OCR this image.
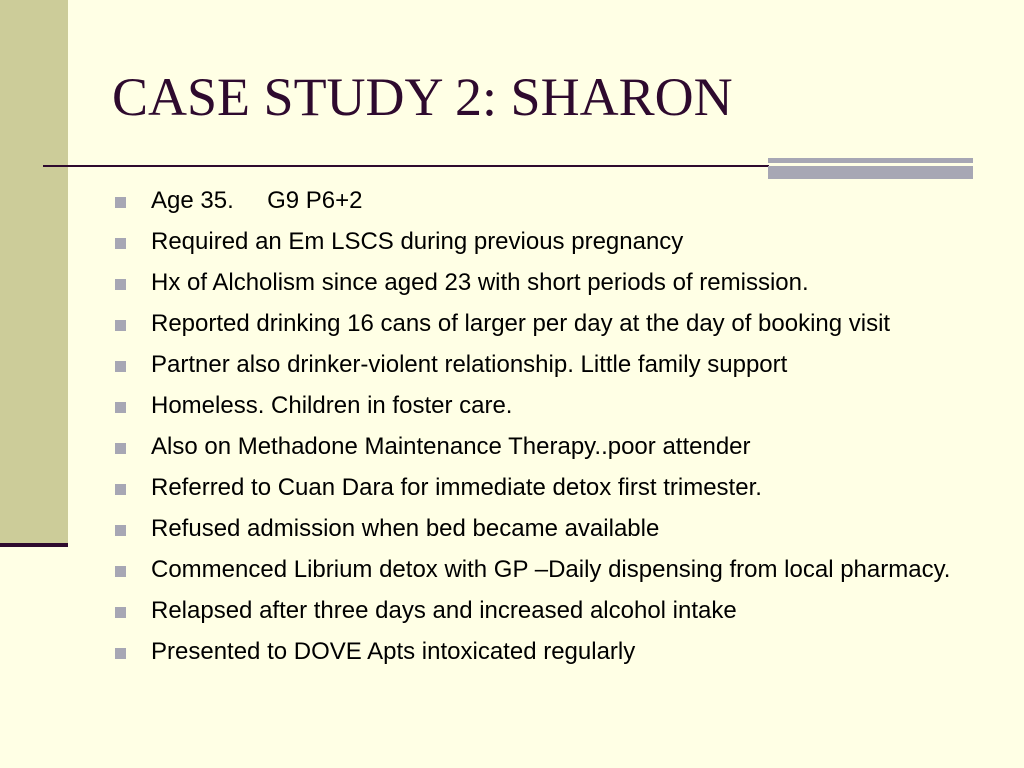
CASE STUDY 2: SHARON
Age 35.     G9 P6+2
Required an Em LSCS during previous pregnancy
Hx of Alcholism since aged 23 with short periods of remission.
Reported drinking 16 cans of larger per day at the day of booking visit
Partner also drinker-violent relationship. Little family support
Homeless. Children in foster care.
Also on Methadone Maintenance Therapy..poor attender
Referred to Cuan Dara for immediate detox first trimester.
Refused admission when bed became available
Commenced Librium detox with GP –Daily dispensing from local pharmacy.
Relapsed after three days and increased alcohol intake
Presented to DOVE Apts intoxicated regularly
